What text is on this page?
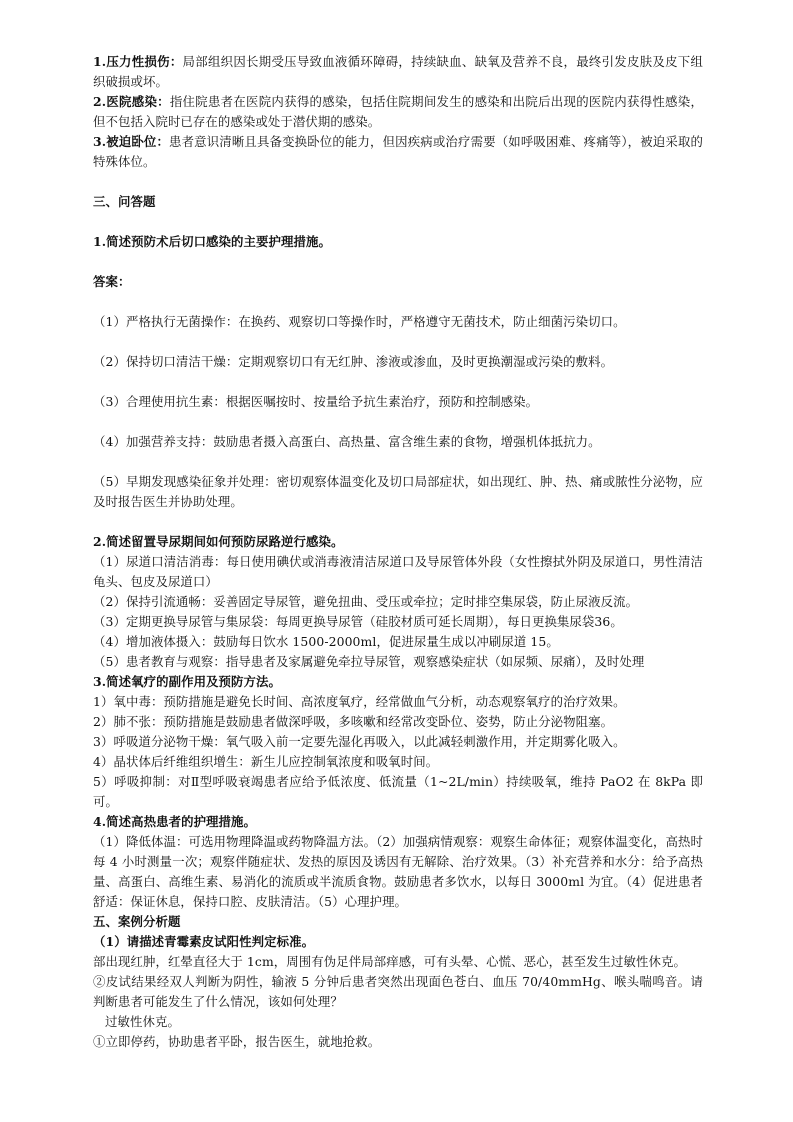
1.压力性损伤：局部组织因长期受压导致血液循环障碍，持续缺血、缺氧及营养不良，最终引发皮肤及皮下组织破损或坏。

2.医院感染：指住院患者在医院内获得的感染，包括住院期间发生的感染和出院后出现的医院内获得性感染，但不包括入院时已存在的感染或处于潜伏期的感染。

3.被迫卧位：患者意识清晰且具备变换卧位的能力，但因疾病或治疗需要（如呼吸困难、疼痛等），被迫采取的特殊体位。

三、问答题

1.简述预防术后切口感染的主要护理措施。

答案：

（1）严格执行无菌操作：在换药、观察切口等操作时，严格遵守无菌技术，防止细菌污染切口。

（2）保持切口清洁干燥：定期观察切口有无红肿、渗液或渗血，及时更换潮湿或污染的敷料。

（3）合理使用抗生素：根据医嘱按时、按量给予抗生素治疗，预防和控制感染。

（4）加强营养支持：鼓励患者摄入高蛋白、高热量、富含维生素的食物，增强机体抵抗力。

（5）早期发现感染征象并处理：密切观察体温变化及切口局部症状，如出现红、肿、热、痛或脓性分泌物，应及时报告医生并协助处理。

2.简述留置导尿期间如何预防尿路逆行感染。

（1）尿道口清洁消毒：每日使用碘伏或消毒液清洁尿道口及导尿管体外段（女性擦拭外阴及尿道口，男性清洁龟头、包皮及尿道口）

（2）保持引流通畅：妥善固定导尿管，避免扭曲、受压或牵拉；定时排空集尿袋，防止尿液反流。

（3）定期更换导尿管与集尿袋：每周更换导尿管（硅胶材质可延长周期），每日更换集尿袋36。

（4）增加液体摄入：鼓励每日饮水 1500-2000ml，促进尿量生成以冲刷尿道 15。

（5）患者教育与观察：指导患者及家属避免牵拉导尿管，观察感染症状（如尿频、尿痛），及时处理

3.简述氧疗的副作用及预防方法。

1）氧中毒：预防措施是避免长时间、高浓度氧疗，经常做血气分析，动态观察氧疗的治疗效果。

2）肺不张：预防措施是鼓励患者做深呼吸，多咳嗽和经常改变卧位、姿势，防止分泌物阻塞。

3）呼吸道分泌物干燥：氧气吸入前一定要先湿化再吸入，以此减轻刺激作用，并定期雾化吸入。

4）晶状体后纤维组织增生：新生儿应控制氧浓度和吸氧时间。

5）呼吸抑制：对Ⅱ型呼吸衰竭患者应给予低浓度、低流量（1~2L/min）持续吸氧，维持 PaO2 在 8kPa 即可。

4.简述高热患者的护理措施。

（1）降低体温：可选用物理降温或药物降温方法。（2）加强病情观察：观察生命体征；观察体温变化，高热时每 4 小时测量一次；观察伴随症状、发热的原因及诱因有无解除、治疗效果。（3）补充营养和水分：给予高热量、高蛋白、高维生素、易消化的流质或半流质食物。鼓励患者多饮水，以每日 3000ml 为宜。（4）促进患者舒适：保证休息，保持口腔、皮肤清洁。（5）心理护理。

五、案例分析题

（1）请描述青霉素皮试阳性判定标准。

部出现红肿，红晕直径大于 1cm，周围有伪足伴局部痒感，可有头晕、心慌、恶心，甚至发生过敏性休克。

②皮试结果经双人判断为阴性，输液 5 分钟后患者突然出现面色苍白、血压 70/40mmHg、喉头喘鸣音。请判断患者可能发生了什么情况，该如何处理？

过敏性休克。

①立即停药，协助患者平卧，报告医生，就地抢救。
